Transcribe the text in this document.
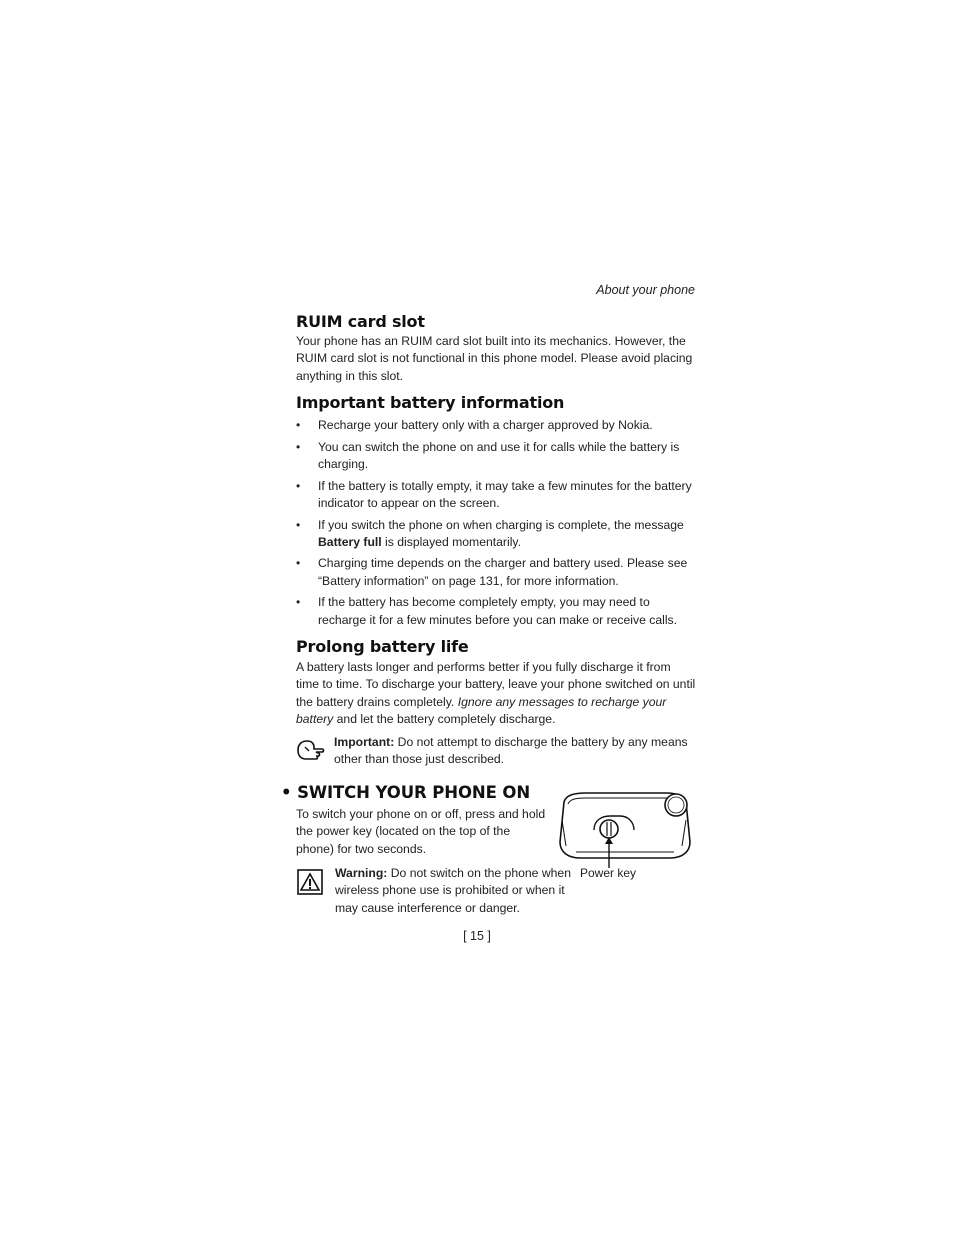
About your phone
RUIM card slot

Your phone has an RUIM card slot built into its mechanics. However, the RUIM card slot is not functional in this phone model. Please avoid placing anything in this slot.

Important battery information
• Recharge your battery only with a charger approved by Nokia.
• You can switch the phone on and use it for calls while the battery is charging.
• If the battery is totally empty, it may take a few minutes for the battery indicator to appear on the screen.
• If you switch the phone on when charging is complete, the message Battery full is displayed momentarily.
• Charging time depends on the charger and battery used. Please see “Battery information” on page 131, for more information.
• If the battery has become completely empty, you may need to recharge it for a few minutes before you can make or receive calls.
Prolong battery life

A battery lasts longer and performs better if you fully discharge it from time to time. To discharge your battery, leave your phone switched on until the battery drains completely. Ignore any messages to recharge your battery and let the battery completely discharge.

Important: Do not attempt to discharge the battery by any means other than those just described.
• SWITCH YOUR PHONE ON

To switch your phone on or off, press and hold the power key (located on the top of the phone) for two seconds.

Warning: Do not switch on the phone when wireless phone use is prohibited or when it may cause interference or danger.
Power key
[ 15 ]
